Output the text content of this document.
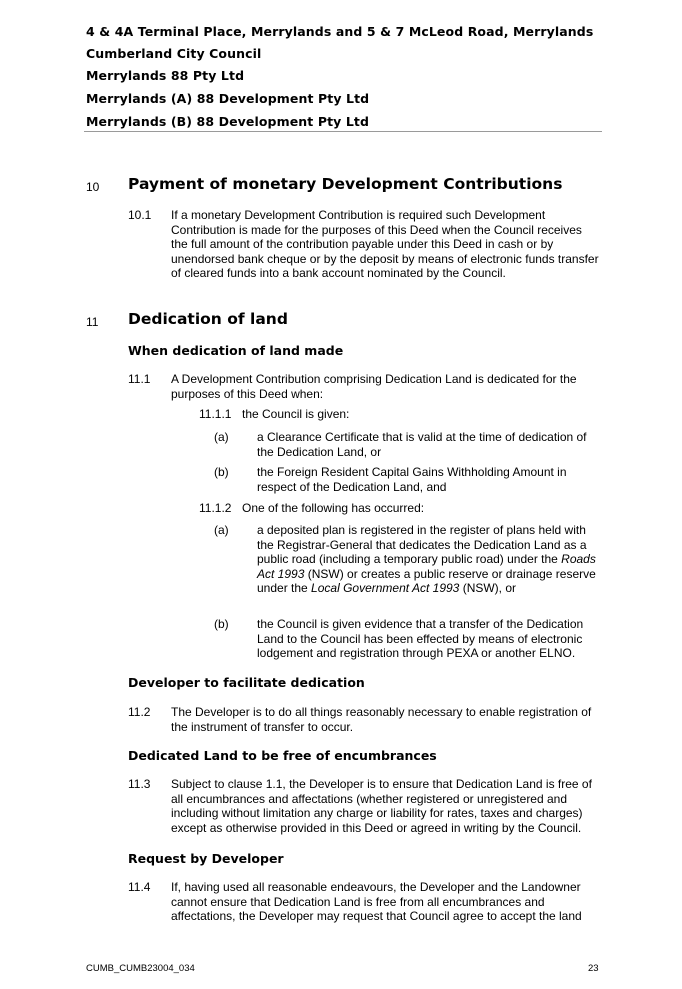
4 & 4A Terminal Place, Merrylands and 5 & 7 McLeod Road, Merrylands
Cumberland City Council
Merrylands 88 Pty Ltd
Merrylands (A) 88 Development Pty Ltd
Merrylands (B) 88 Development Pty Ltd
10 Payment of monetary Development Contributions
10.1 If a monetary Development Contribution is required such Development Contribution is made for the purposes of this Deed when the Council receives the full amount of the contribution payable under this Deed in cash or by unendorsed bank cheque or by the deposit by means of electronic funds transfer of cleared funds into a bank account nominated by the Council.
11 Dedication of land
When dedication of land made
11.1 A Development Contribution comprising Dedication Land is dedicated for the purposes of this Deed when:
11.1.1 the Council is given:
(a) a Clearance Certificate that is valid at the time of dedication of the Dedication Land, or
(b) the Foreign Resident Capital Gains Withholding Amount in respect of the Dedication Land, and
11.1.2 One of the following has occurred:
(a) a deposited plan is registered in the register of plans held with the Registrar-General that dedicates the Dedication Land as a public road (including a temporary public road) under the Roads Act 1993 (NSW) or creates a public reserve or drainage reserve under the Local Government Act 1993 (NSW), or
(b) the Council is given evidence that a transfer of the Dedication Land to the Council has been effected by means of electronic lodgement and registration through PEXA or another ELNO.
Developer to facilitate dedication
11.2 The Developer is to do all things reasonably necessary to enable registration of the instrument of transfer to occur.
Dedicated Land to be free of encumbrances
11.3 Subject to clause 1.1, the Developer is to ensure that Dedication Land is free of all encumbrances and affectations (whether registered or unregistered and including without limitation any charge or liability for rates, taxes and charges) except as otherwise provided in this Deed or agreed in writing by the Council.
Request by Developer
11.4 If, having used all reasonable endeavours, the Developer and the Landowner cannot ensure that Dedication Land is free from all encumbrances and affectations, the Developer may request that Council agree to accept the land
CUMB_CUMB23004_034	23
